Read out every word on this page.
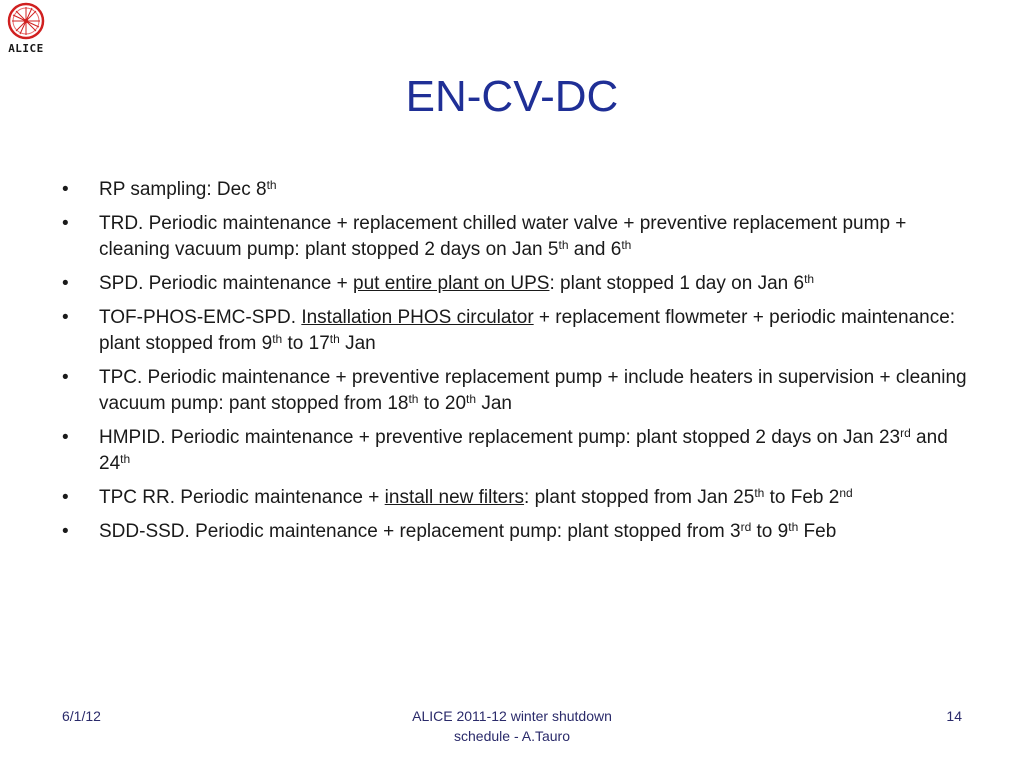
ALICE
EN-CV-DC
• RP sampling: Dec 8th
• TRD. Periodic maintenance + replacement chilled water valve + preventive replacement pump + cleaning vacuum pump: plant stopped 2 days on Jan 5th and 6th
• SPD. Periodic maintenance + put entire plant on UPS: plant stopped 1 day on Jan 6th
• TOF-PHOS-EMC-SPD. Installation PHOS circulator + replacement flowmeter + periodic maintenance: plant stopped from 9th to 17th Jan
• TPC. Periodic maintenance + preventive replacement pump + include heaters in supervision + cleaning vacuum pump: pant stopped from 18th to 20th Jan
• HMPID. Periodic maintenance + preventive replacement pump: plant stopped 2 days on Jan 23rd and 24th
• TPC RR. Periodic maintenance + install new filters: plant stopped from Jan 25th to Feb 2nd
• SDD-SSD. Periodic maintenance + replacement pump: plant stopped from 3rd to 9th Feb
6/1/12	ALICE 2011-12 winter shutdown
schedule - A.Tauro
14
